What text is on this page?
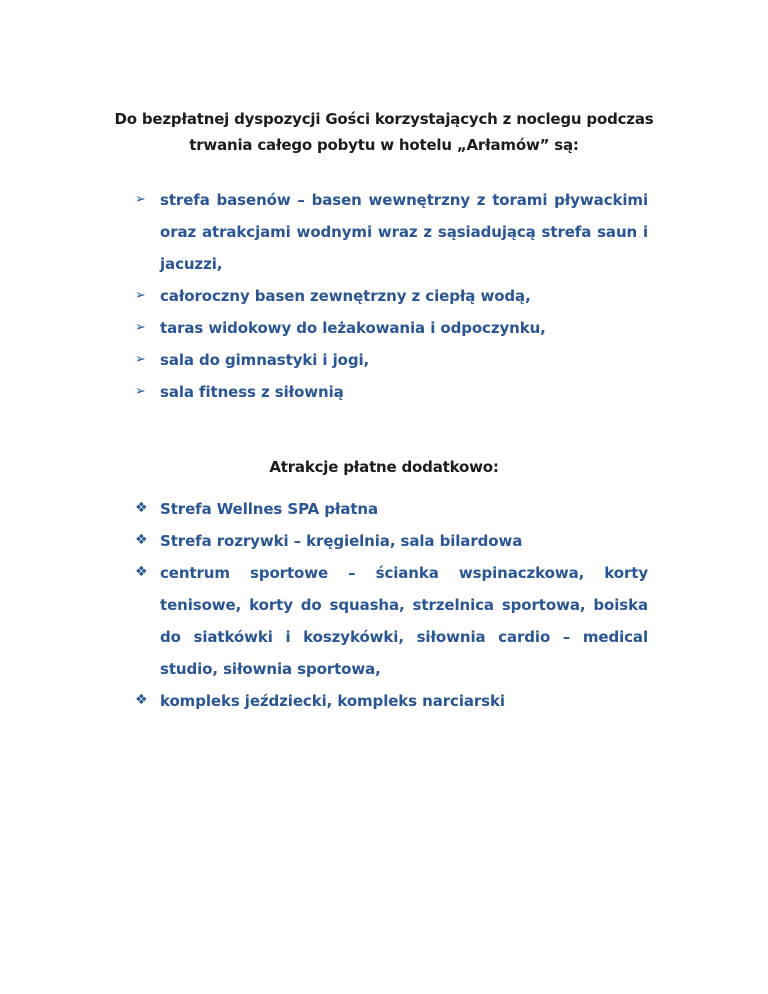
Do bezpłatnej dyspozycji Gości korzystających z noclegu podczas
trwania całego pobytu w hotelu „Arłamów” są:
➢ strefa basenów – basen wewnętrzny z torami pływackimi oraz atrakcjami wodnymi wraz z sąsiadującą strefa saun i jacuzzi,
➢ całoroczny basen zewnętrzny z ciepłą wodą,
➢ taras widokowy do leżakowania i odpoczynku,
➢ sala do gimnastyki i jogi,
➢ sala fitness z siłownią
Atrakcje płatne dodatkowo:
❖ Strefa Wellnes SPA płatna
❖ Strefa rozrywki – kręgielnia, sala bilardowa
❖ centrum sportowe – ścianka wspinaczkowa, korty tenisowe, korty do squasha, strzelnica sportowa, boiska do siatkówki i koszykówki, siłownia cardio – medical studio, siłownia sportowa,
❖ kompleks jeździecki, kompleks narciarski
